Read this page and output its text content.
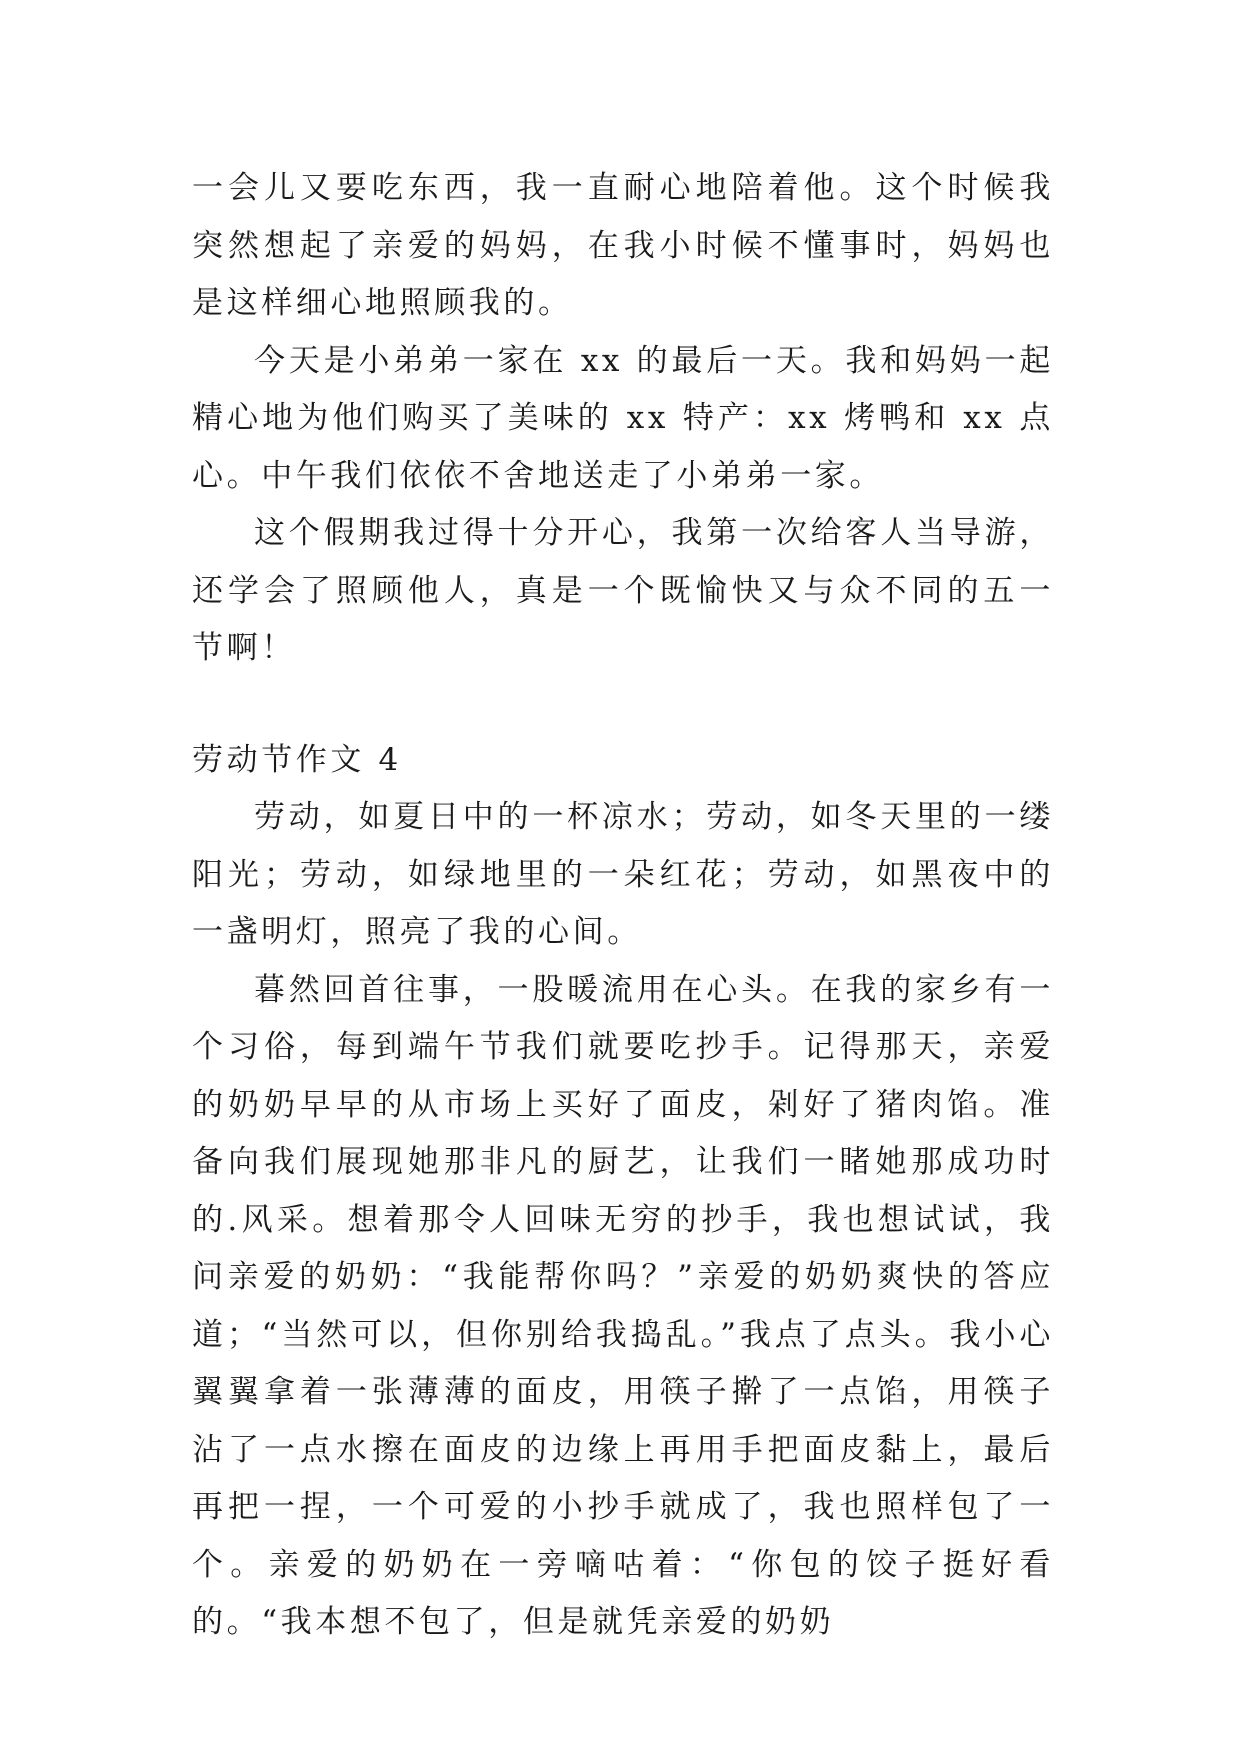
一会儿又要吃东西，我一直耐心地陪着他。这个时候我突然想起了亲爱的妈妈，在我小时候不懂事时，妈妈也是这样细心地照顾我的。

今天是小弟弟一家在 xx 的最后一天。我和妈妈一起精心地为他们购买了美味的 xx 特产：xx 烤鸭和 xx 点心。中午我们依依不舍地送走了小弟弟一家。

这个假期我过得十分开心，我第一次给客人当导游，还学会了照顾他人，真是一个既愉快又与众不同的五一节啊！

劳动节作文 4

劳动，如夏日中的一杯凉水；劳动，如冬天里的一缕阳光；劳动，如绿地里的一朵红花；劳动，如黑夜中的一盏明灯，照亮了我的心间。

暮然回首往事，一股暖流用在心头。在我的家乡有一个习俗，每到端午节我们就要吃抄手。记得那天，亲爱的奶奶早早的从市场上买好了面皮，剁好了猪肉馅。准备向我们展现她那非凡的厨艺，让我们一睹她那成功时的.风采。想着那令人回味无穷的抄手，我也想试试，我问亲爱的奶奶：“我能帮你吗？”亲爱的奶奶爽快的答应道；“当然可以，但你别给我捣乱。”我点了点头。我小心翼翼拿着一张薄薄的面皮，用筷子擀了一点馅，用筷子沾了一点水擦在面皮的边缘上再用手把面皮黏上，最后再把一捏，一个可爱的小抄手就成了，我也照样包了一个。亲爱的奶奶在一旁嘀咕着：“你包的饺子挺好看的。“我本想不包了，但是就凭亲爱的奶奶
